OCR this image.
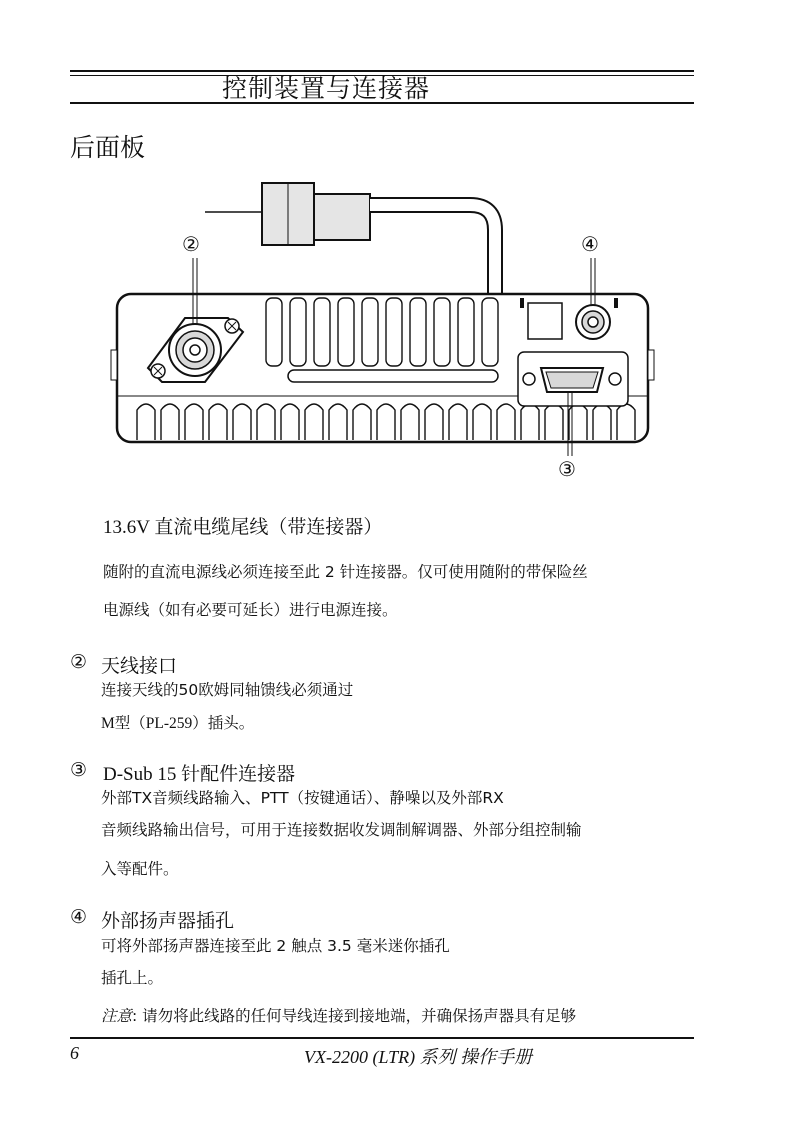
控制装置与连接器
后面板
②	④
③
13.6V 直流电缆尾线（带连接器）
随附的直流电源线必须连接至此 2 针连接器。仅可使用随附的带保险丝
电源线（如有必要可延长）进行电源连接。
② 天线接口
连接天线的50欧姆同轴馈线必须通过
M型（PL-259）插头。
③ D-Sub 15 针配件连接器
外部TX音频线路输入、PTT（按键通话）、静噪以及外部RX
音频线路输出信号，可用于连接数据收发调制解调器、外部分组控制输
入等配件。
④ 外部扬声器插孔
可将外部扬声器连接至此 2 触点 3.5 毫米迷你插孔
插孔上。
注意: 请勿将此线路的任何导线连接到接地端，并确保扬声器具有足够
6	VX-2200 (LTR) 系列 操作手册
